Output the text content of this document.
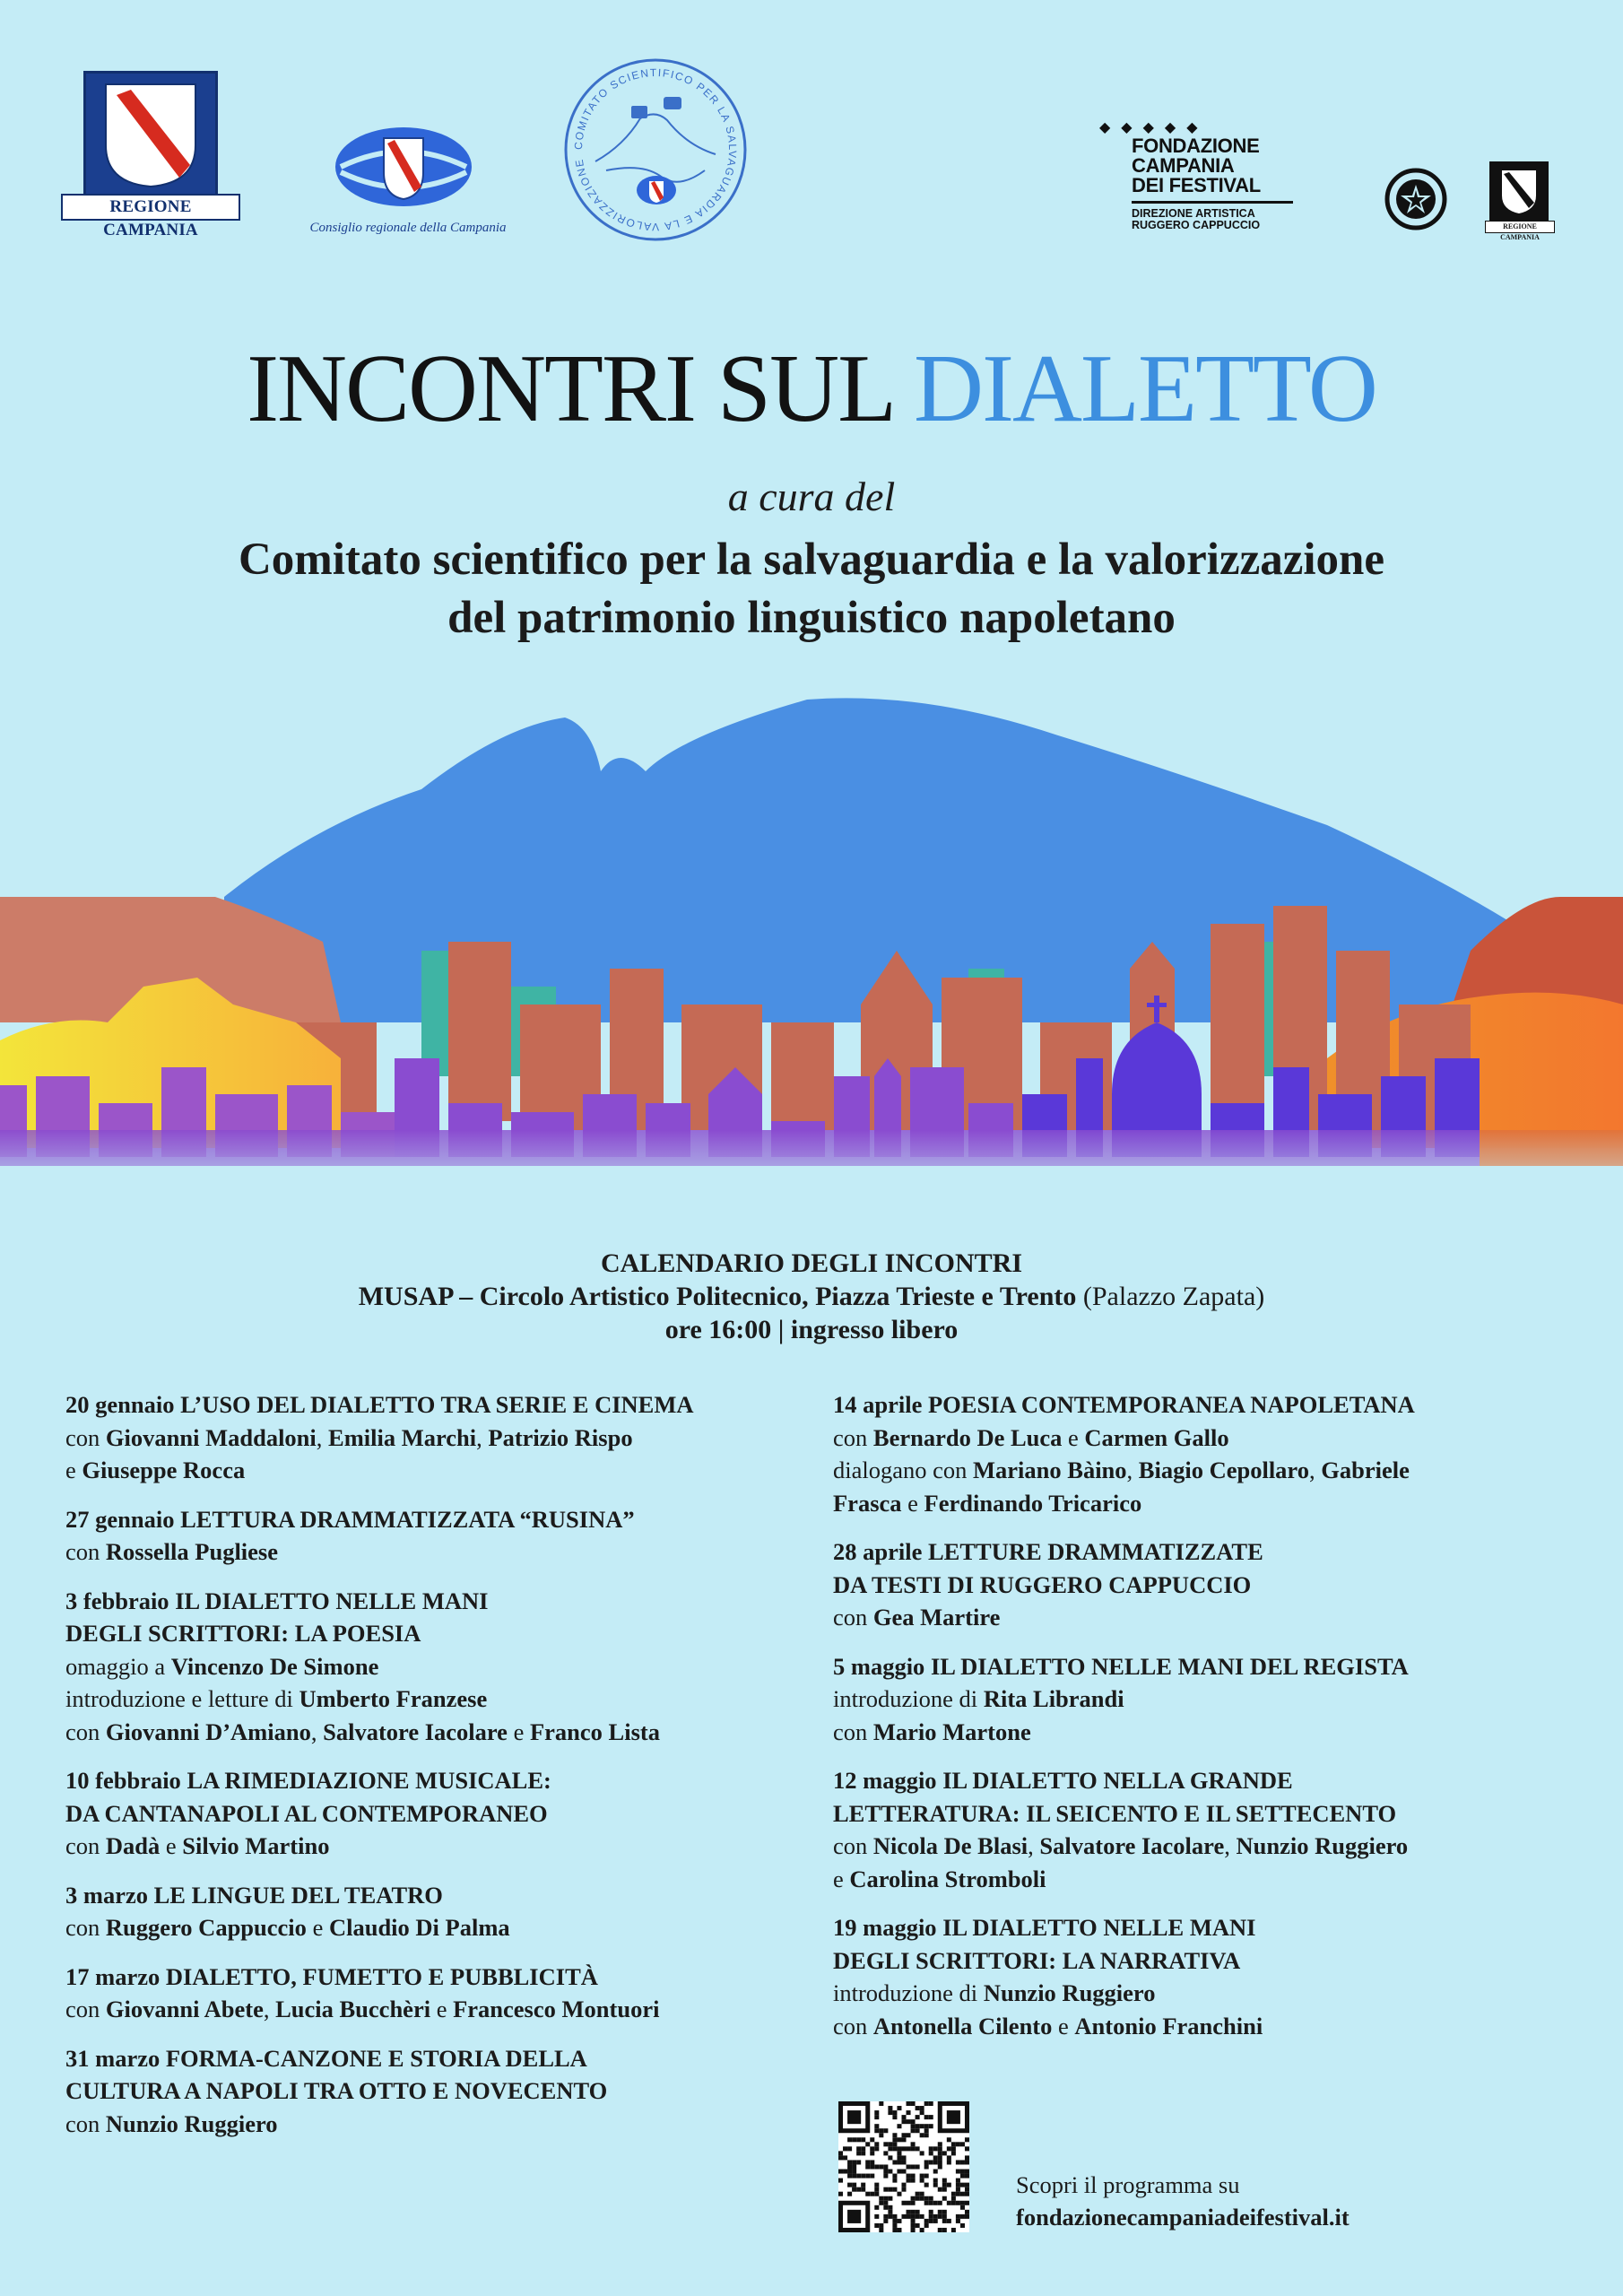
REGIONE CAMPANIA	Consiglio regionale della Campania
COMITATO SCIENTIFICO PER LA SALVAGUARDIA E LA VALORIZZAZIONE
◆◆◆◆◆
FONDAZIONE
CAMPANIA
DEI FESTIVAL
DIREZIONE ARTISTICA
RUGGERO CAPPUCCIO	REGIONE CAMPANIA
INCONTRI SUL DIALETTO
a cura del
Comitato scientifico per la salvaguardia e la valorizzazione
del patrimonio linguistico napoletano
CALENDARIO DEGLI INCONTRI
MUSAP – Circolo Artistico Politecnico, Piazza Trieste e Trento (Palazzo Zapata)
ore 16:00 | ingresso libero
20 gennaio L’USO DEL DIALETTO TRA SERIE E CINEMA
con Giovanni Maddaloni, Emilia Marchi, Patrizio Rispo
e Giuseppe Rocca
27 gennaio LETTURA DRAMMATIZZATA “RUSINA”
con Rossella Pugliese
3 febbraio IL DIALETTO NELLE MANI
DEGLI SCRITTORI: LA POESIA
omaggio a Vincenzo De Simone
introduzione e letture di Umberto Franzese
con Giovanni D’Amiano, Salvatore Iacolare e Franco Lista
10 febbraio LA RIMEDIAZIONE MUSICALE:
DA CANTANAPOLI AL CONTEMPORANEO
con Dadà e Silvio Martino
3 marzo LE LINGUE DEL TEATRO
con Ruggero Cappuccio e Claudio Di Palma
17 marzo DIALETTO, FUMETTO E PUBBLICITÀ
con Giovanni Abete, Lucia Bucchèri e Francesco Montuori
31 marzo FORMA-CANZONE E STORIA DELLA
CULTURA A NAPOLI TRA OTTO E NOVECENTO
con Nunzio Ruggiero
14 aprile POESIA CONTEMPORANEA NAPOLETANA
con Bernardo De Luca e Carmen Gallo
dialogano con Mariano Bàino, Biagio Cepollaro, Gabriele
Frasca e Ferdinando Tricarico
28 aprile LETTURE DRAMMATIZZATE
DA TESTI DI RUGGERO CAPPUCCIO
con Gea Martire
5 maggio IL DIALETTO NELLE MANI DEL REGISTA
introduzione di Rita Librandi
con Mario Martone
12 maggio IL DIALETTO NELLA GRANDE
LETTERATURA: IL SEICENTO E IL SETTECENTO
con Nicola De Blasi, Salvatore Iacolare, Nunzio Ruggiero
e Carolina Stromboli
19 maggio IL DIALETTO NELLE MANI
DEGLI SCRITTORI: LA NARRATIVA
introduzione di Nunzio Ruggiero
con Antonella Cilento e Antonio Franchini
Scopri il programma su
fondazionecampaniadeifestival.it
